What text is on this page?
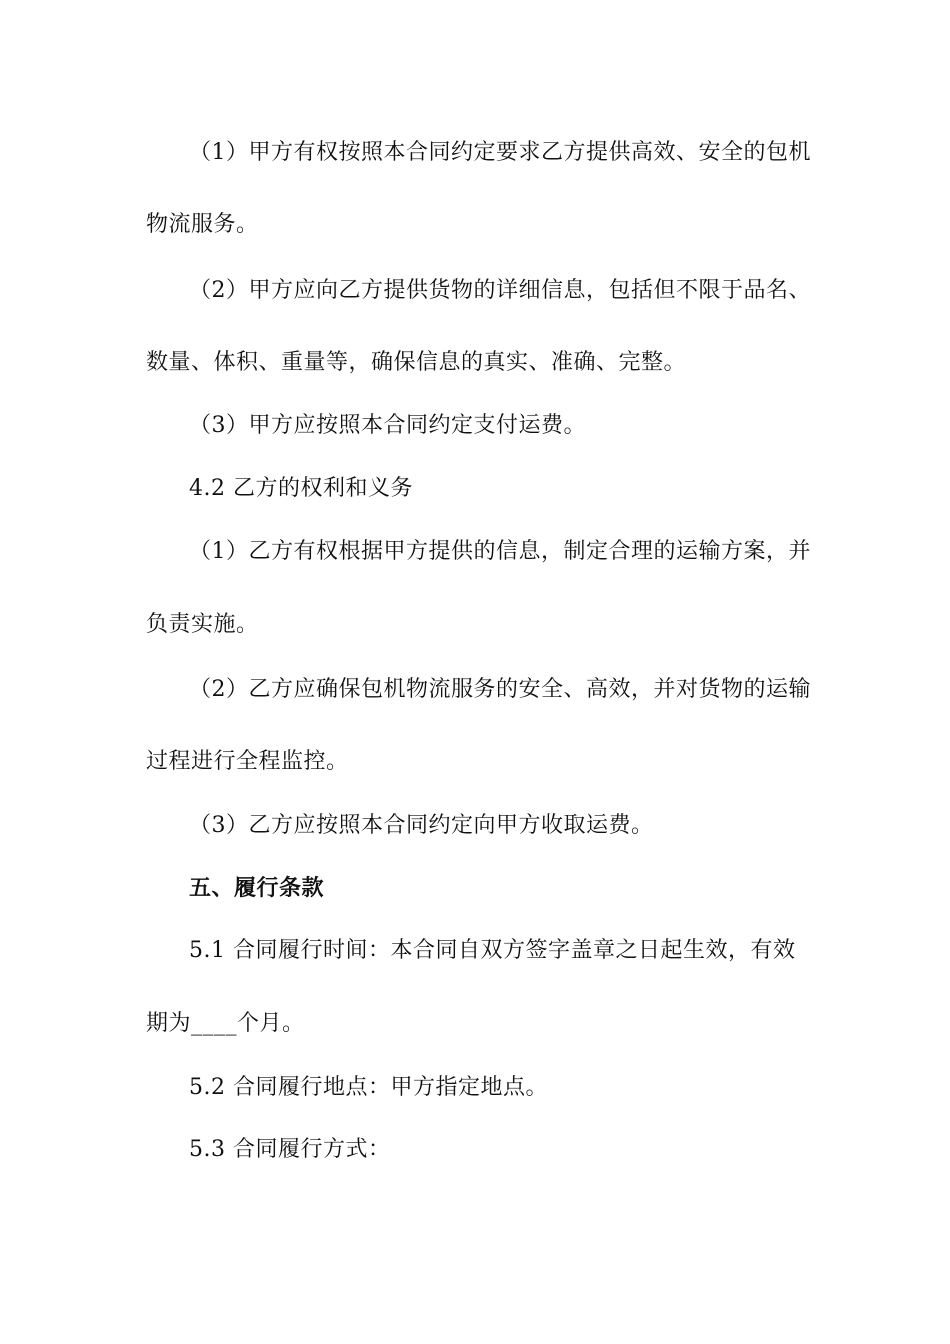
（1）甲方有权按照本合同约定要求乙方提供高效、安全的包机
物流服务。
（2）甲方应向乙方提供货物的详细信息，包括但不限于品名、
数量、体积、重量等，确保信息的真实、准确、完整。
（3）甲方应按照本合同约定支付运费。
4.2 乙方的权利和义务
（1）乙方有权根据甲方提供的信息，制定合理的运输方案，并
负责实施。
（2）乙方应确保包机物流服务的安全、高效，并对货物的运输
过程进行全程监控。
（3）乙方应按照本合同约定向甲方收取运费。
五、履行条款
5.1 合同履行时间：本合同自双方签字盖章之日起生效，有效
期为____个月。
5.2 合同履行地点：甲方指定地点。
5.3 合同履行方式：
